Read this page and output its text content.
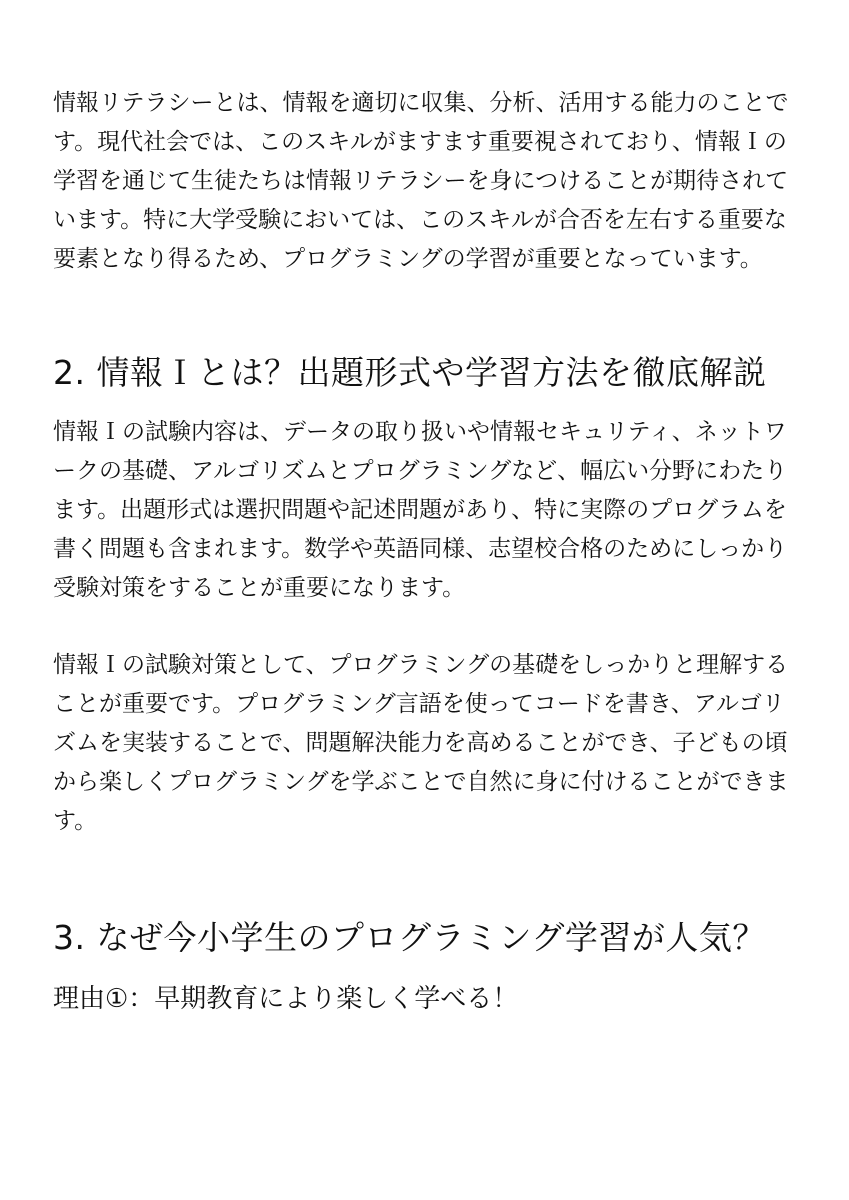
情報リテラシーとは、情報を適切に収集、分析、活用する能力のことです。現代社会では、このスキルがますます重要視されており、情報Ｉの学習を通じて生徒たちは情報リテラシーを身につけることが期待されています。特に大学受験においては、このスキルが合否を左右する重要な要素となり得るため、プログラミングの学習が重要となっています。

2. 情報Ｉとは？出題形式や学習方法を徹底解説

情報Ｉの試験内容は、データの取り扱いや情報セキュリティ、ネットワークの基礎、アルゴリズムとプログラミングなど、幅広い分野にわたります。出題形式は選択問題や記述問題があり、特に実際のプログラムを書く問題も含まれます。数学や英語同様、志望校合格のためにしっかり受験対策をすることが重要になります。

情報Ｉの試験対策として、プログラミングの基礎をしっかりと理解することが重要です。プログラミング言語を使ってコードを書き、アルゴリズムを実装することで、問題解決能力を高めることができ、子どもの頃から楽しくプログラミングを学ぶことで自然に身に付けることができます。

3. なぜ今小学生のプログラミング学習が人気？
理由①：早期教育により楽しく学べる！
